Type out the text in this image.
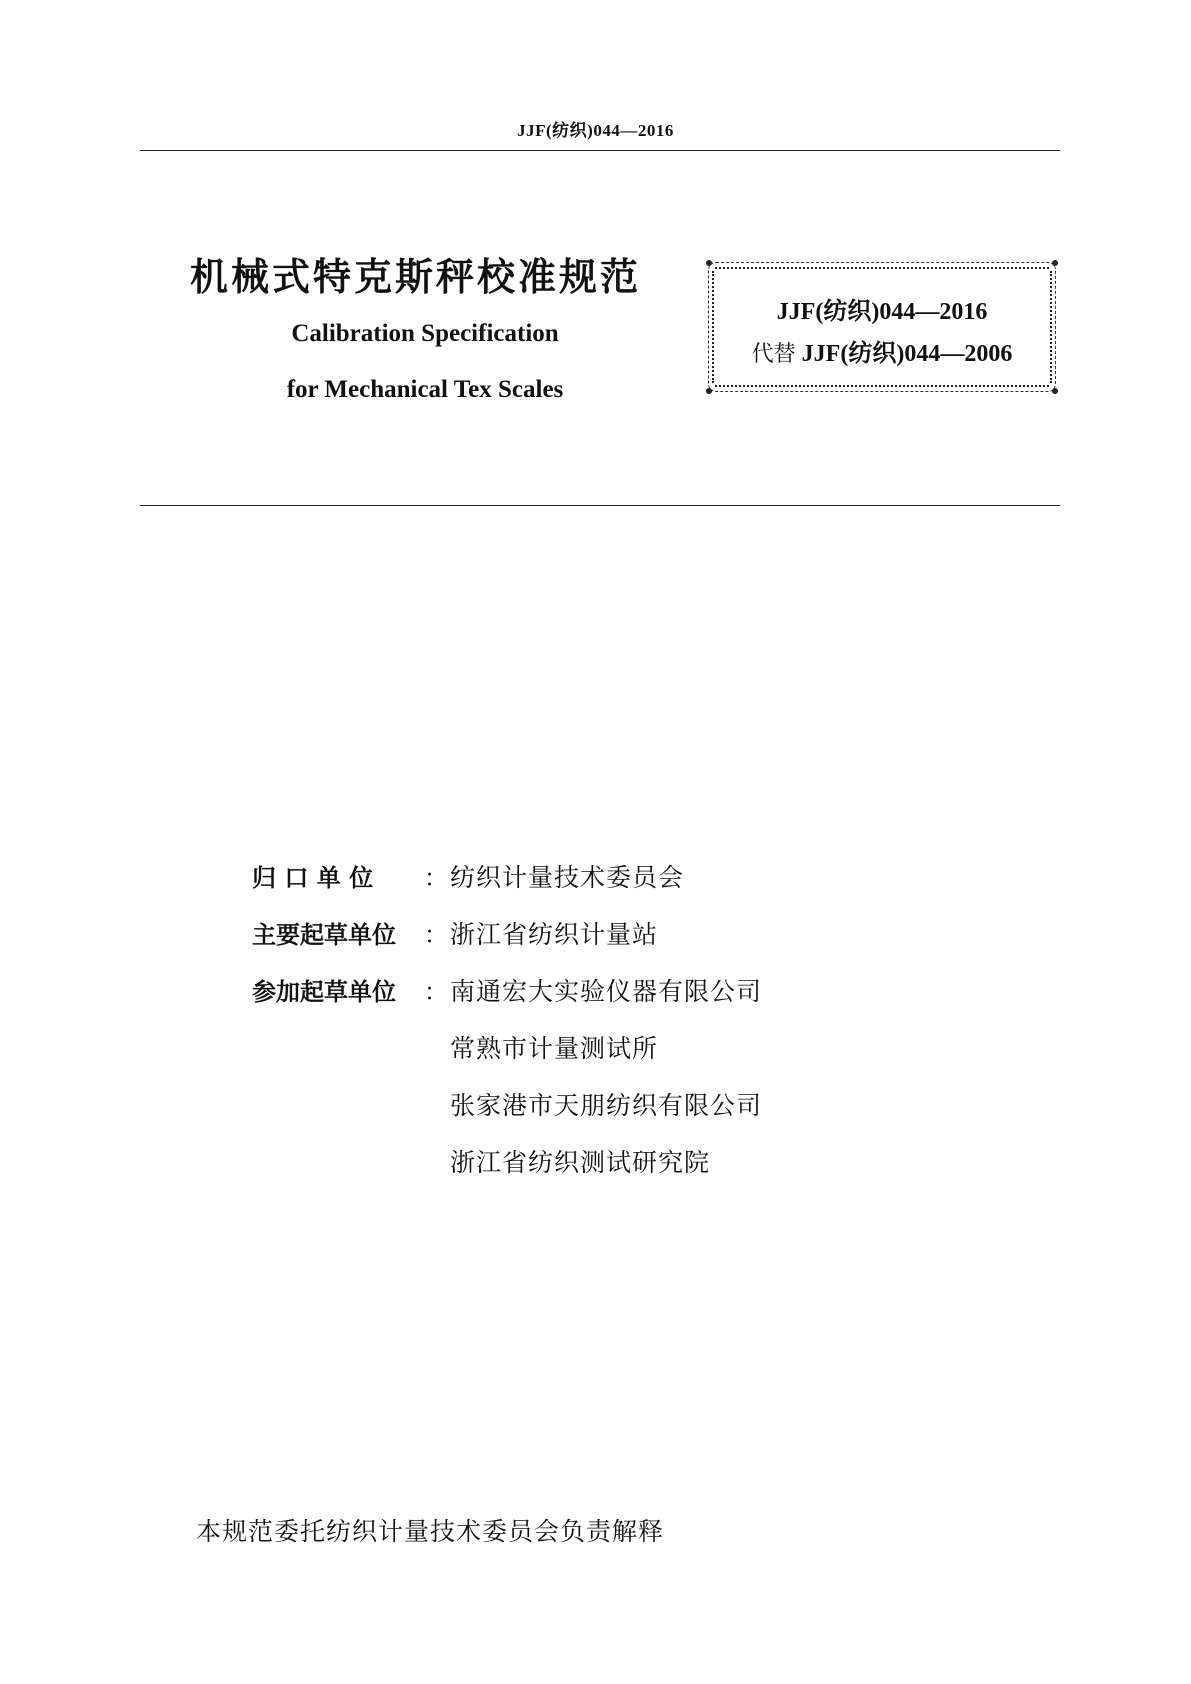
JJF(纺织)044—2016
机械式特克斯秤校准规范
Calibration Specification
for Mechanical Tex Scales
JJF(纺织)044—2016
代替 JJF(纺织)044—2006
归 口 单 位	： 纺织计量技术委员会
主要起草单位	： 浙江省纺织计量站
参加起草单位	： 南通宏大实验仪器有限公司
常熟市计量测试所
张家港市天朋纺织有限公司
浙江省纺织测试研究院
本规范委托纺织计量技术委员会负责解释
